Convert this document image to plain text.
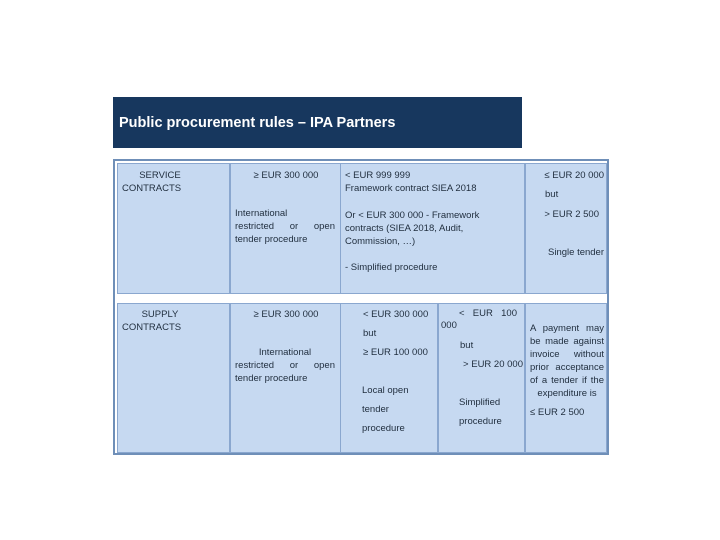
Public procurement rules – IPA Partners
SERVICE
CONTRACTS
≥ EUR 300 000
International
restricted or open
tender procedure
< EUR 999 999
Framework contract SIEA 2018
Or < EUR 300 000 - Framework
contracts (SIEA 2018, Audit,
Commission, …)
- Simplified procedure
≤ EUR 20 000
but
> EUR 2 500
Single tender
SUPPLY
CONTRACTS
≥ EUR 300 000
International
restricted or open
tender procedure
< EUR 300 000
but
≥ EUR 100 000
Local open
tender
procedure
< EUR 100
000
but
> EUR 20 000
Simplified
procedure
A payment may
be made against
invoice without
prior acceptance
of a tender if the
expenditure is
≤ EUR 2 500
